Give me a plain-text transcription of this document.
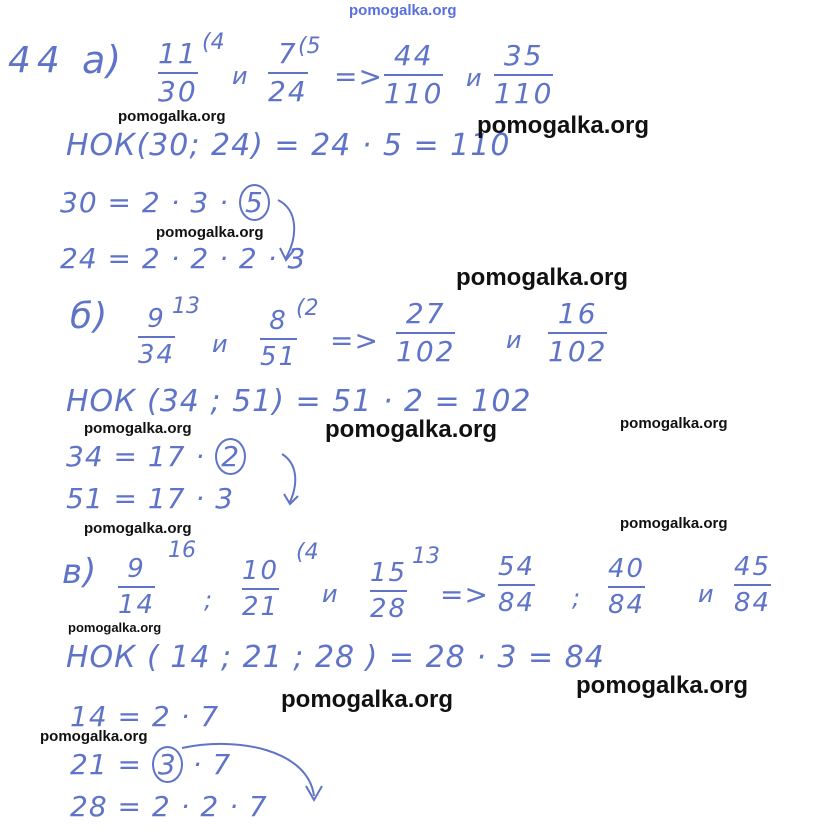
pomogalka.org
44 а) 11
30
(4
и
7
24
(5
=>
44
110 и
35
110
НОК(30; 24) = 24 · 5 = 110
30 = 2 · 3 · 5
24 = 2 · 2 · 2 · 3
б) 9
34
13
и
8
51
(2
=>
27
102 и
16
102
НОК (34 ; 51) = 51 · 2 = 102
34 = 17 · 2
51 = 17 · 3
в) 9
14
16
;
10
21
(4
и
15
28
13
=>
54
84 ;
40
84 и
45
84
НОК ( 14 ; 21 ; 28 ) = 28 · 3 = 84
14 = 2 · 7
21 = 3 · 7
28 = 2 · 2 · 7
pomogalka.org	pomogalka.org
pomogalka.org
pomogalka.org
pomogalka.org	pomogalka.org	pomogalka.org
pomogalka.org	pomogalka.org
pomogalka.org
pomogalka.org
pomogalka.org
pomogalka.org
